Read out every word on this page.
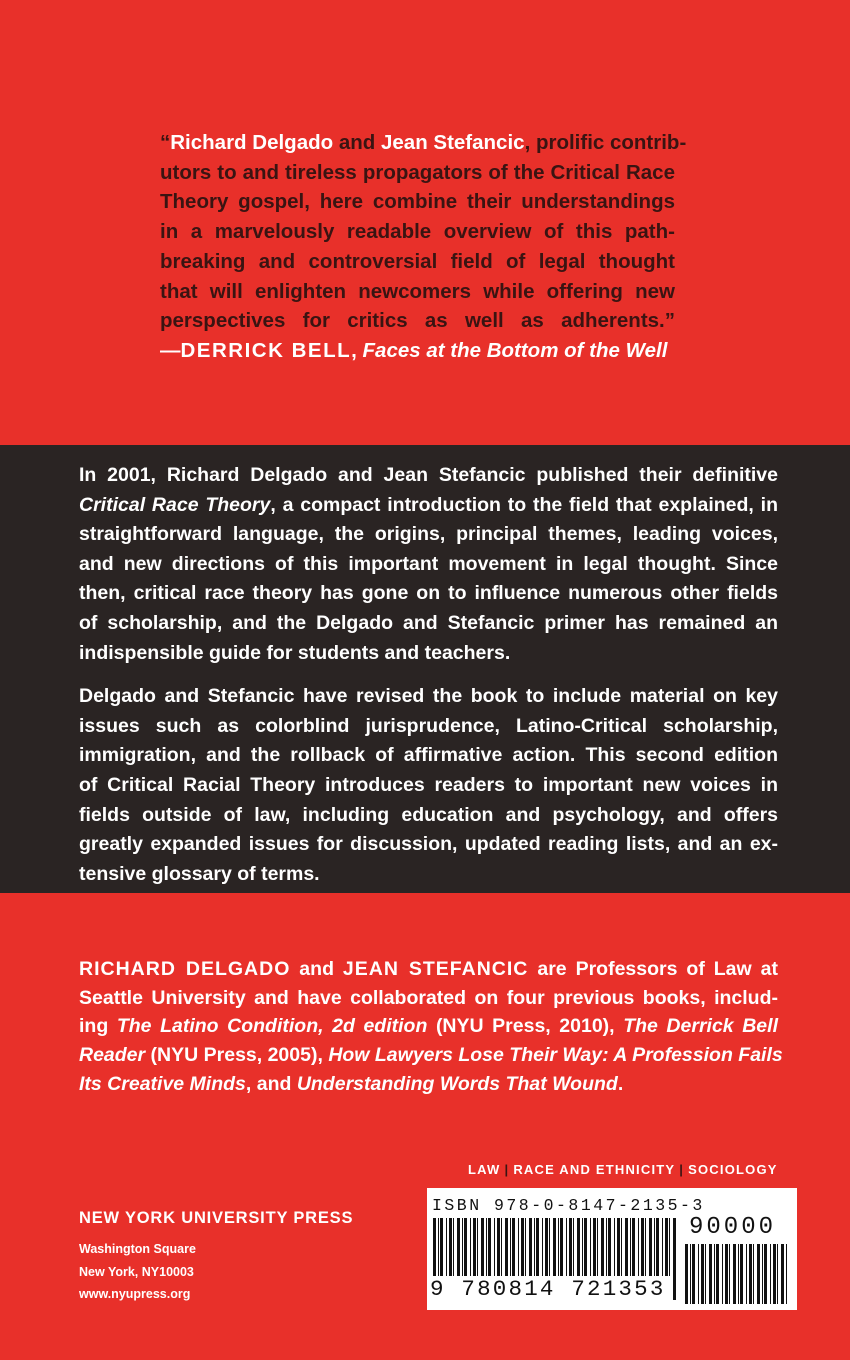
“Richard Delgado and Jean Stefancic, prolific contrib-
utors to and tireless propagators of the Critical Race
Theory gospel, here combine their understandings
in a marvelously readable overview of this path-
breaking and controversial field of legal thought
that will enlighten newcomers while offering new
perspectives for critics as well as adherents.”
—DERRICK BELL, Faces at the Bottom of the Well
In 2001, Richard Delgado and Jean Stefancic published their definitive
Critical Race Theory, a compact introduction to the field that explained, in
straightforward language, the origins, principal themes, leading voices,
and new directions of this important movement in legal thought. Since
then, critical race theory has gone on to influence numerous other fields
of scholarship, and the Delgado and Stefancic primer has remained an
indispensible guide for students and teachers.
Delgado and Stefancic have revised the book to include material on key
issues such as colorblind jurisprudence, Latino-Critical scholarship,
immigration, and the rollback of affirmative action. This second edition
of Critical Racial Theory introduces readers to important new voices in
fields outside of law, including education and psychology, and offers
greatly expanded issues for discussion, updated reading lists, and an ex-
tensive glossary of terms.
RICHARD DELGADO and JEAN STEFANCIC are Professors of Law at
Seattle University and have collaborated on four previous books, includ-
ing The Latino Condition, 2d edition (NYU Press, 2010), The Derrick Bell
Reader (NYU Press, 2005), How Lawyers Lose Their Way: A Profession Fails
Its Creative Minds, and Understanding Words That Wound.
LAW | RACE AND ETHNICITY | SOCIOLOGY
NEW YORK UNIVERSITY PRESS
Washington Square
New York, NY10003
www.nyupress.org
ISBN 978-0-8147-2135-3
90000
9 780814 721353
